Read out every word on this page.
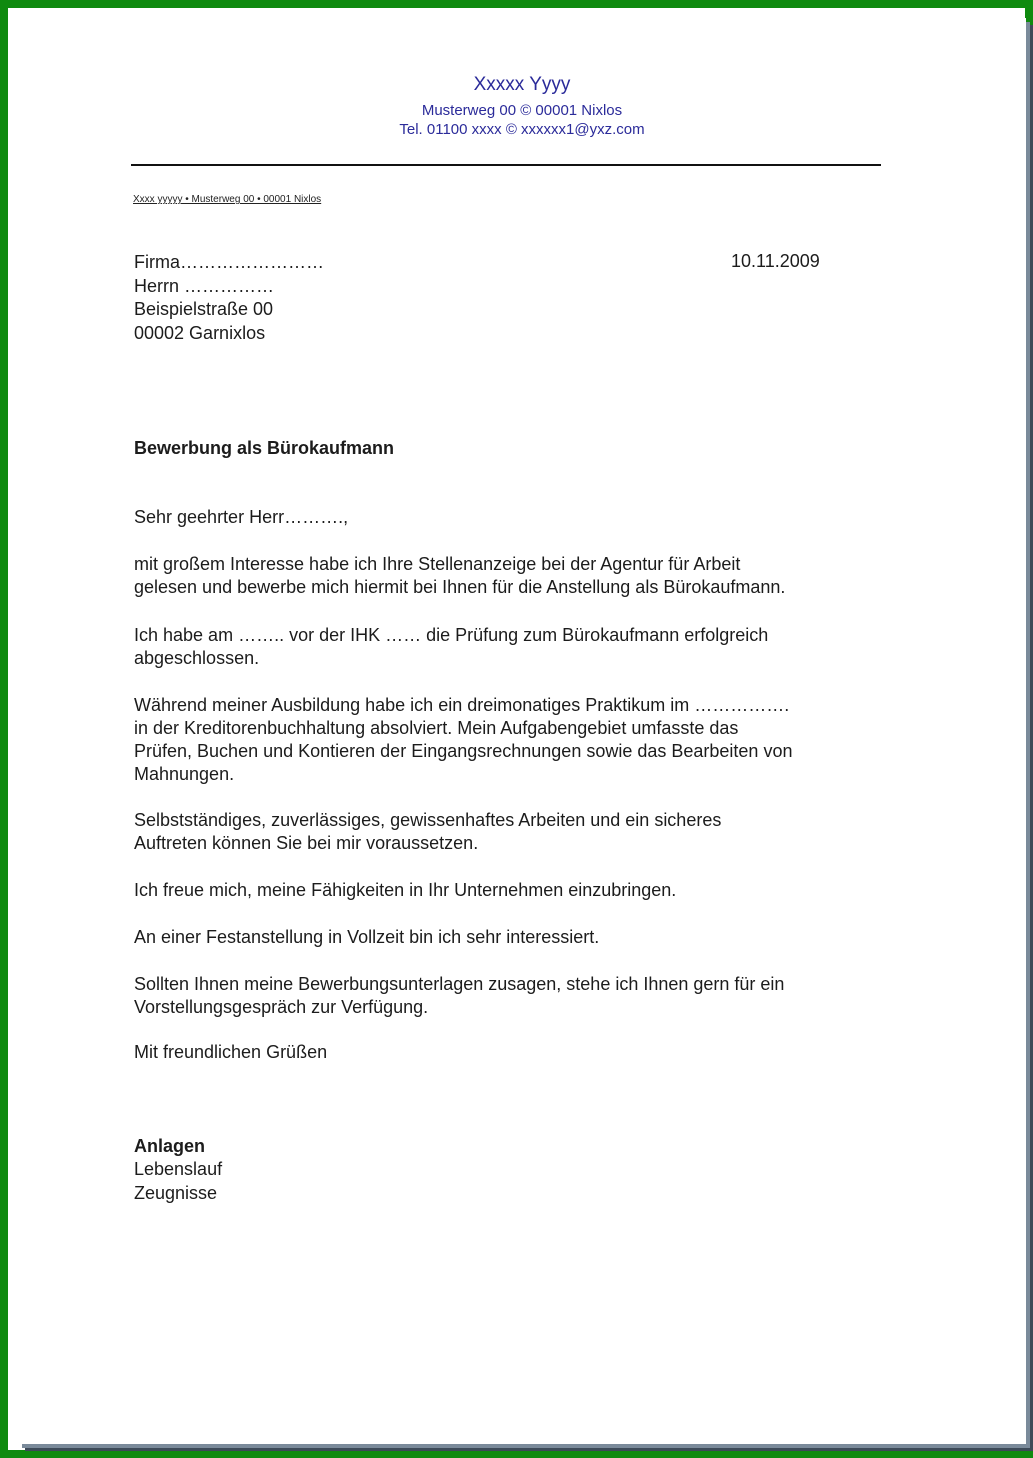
Xxxxx Yyyy
Musterweg 00 © 00001 Nixlos
Tel. 01100 xxxx © xxxxxx1@yxz.com
Xxxx yyyyy • Musterweg 00 • 00001 Nixlos
Firma……………………
Herrn ……………
Beispielstraße 00
00002 Garnixlos
10.11.2009
Bewerbung als Bürokaufmann
Sehr geehrter Herr……….,
mit großem Interesse habe ich Ihre Stellenanzeige bei der Agentur für Arbeit
gelesen und bewerbe mich hiermit bei Ihnen für die Anstellung als Bürokaufmann.
Ich habe am …….. vor der IHK …… die Prüfung zum Bürokaufmann erfolgreich
abgeschlossen.
Während meiner Ausbildung habe ich ein dreimonatiges Praktikum im …………….
in der Kreditorenbuchhaltung absolviert. Mein Aufgabengebiet umfasste das
Prüfen, Buchen und Kontieren der Eingangsrechnungen sowie das Bearbeiten von
Mahnungen.
Selbstständiges, zuverlässiges, gewissenhaftes Arbeiten und ein sicheres
Auftreten können Sie bei mir voraussetzen.
Ich freue mich, meine Fähigkeiten in Ihr Unternehmen einzubringen.
An einer Festanstellung in Vollzeit bin ich sehr interessiert.
Sollten Ihnen meine Bewerbungsunterlagen zusagen, stehe ich Ihnen gern für ein
Vorstellungsgespräch zur Verfügung.
Mit freundlichen Grüßen
Anlagen
Lebenslauf
Zeugnisse
